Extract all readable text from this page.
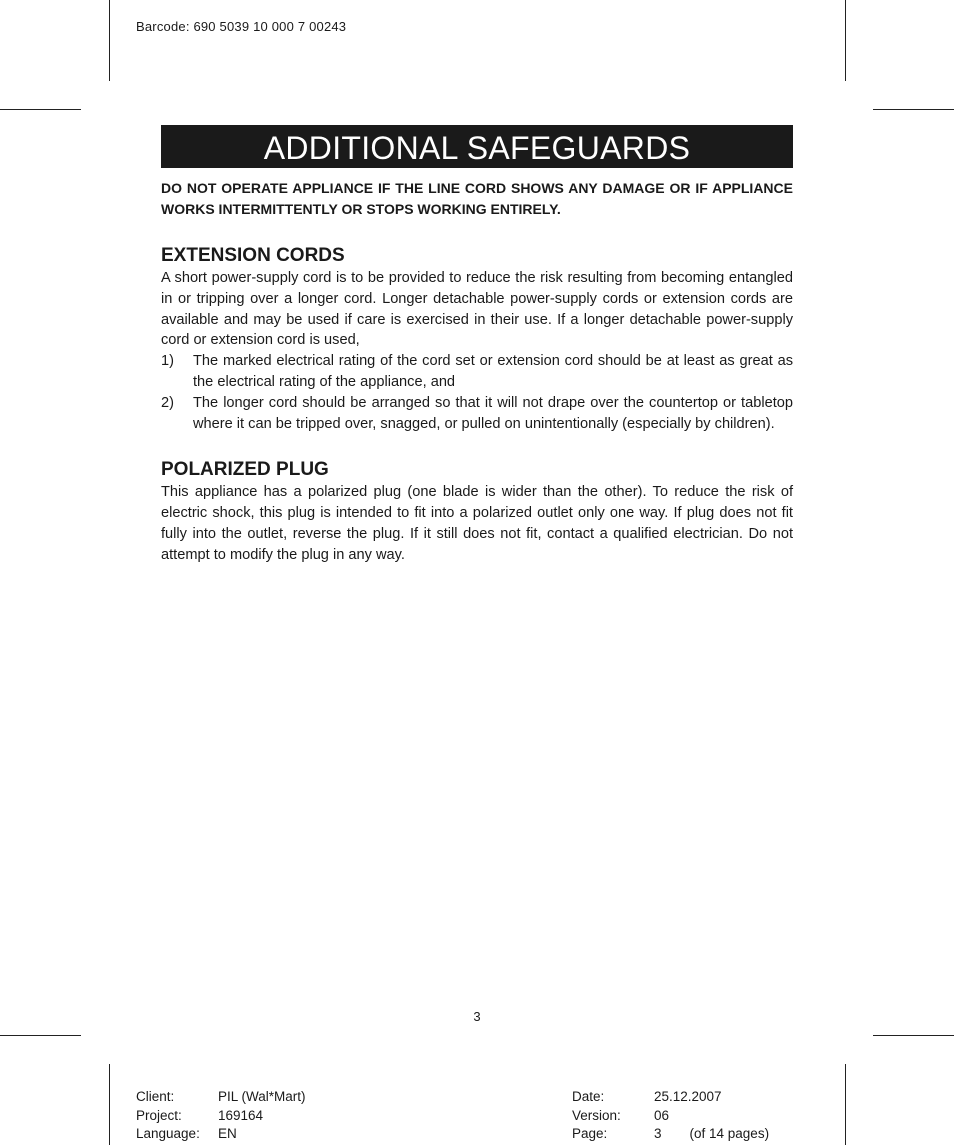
Barcode: 690 5039 10 000 7 00243
ADDITIONAL SAFEGUARDS

DO NOT OPERATE APPLIANCE IF THE LINE CORD SHOWS ANY DAMAGE OR IF APPLIANCE WORKS INTERMITTENTLY OR STOPS WORKING ENTIRELY.

EXTENSION CORDS

A short power-supply cord is to be provided to reduce the risk resulting from becoming entangled in or tripping over a longer cord. Longer detachable power-supply cords or extension cords are available and may be used if care is exercised in their use. If a longer detachable power-supply cord or extension cord is used,

1) The marked electrical rating of the cord set or extension cord should be at least as great as the electrical rating of the appliance, and
2) The longer cord should be arranged so that it will not drape over the countertop or tabletop where it can be tripped over, snagged, or pulled on unintentionally (especially by children).
POLARIZED PLUG

This appliance has a polarized plug (one blade is wider than the other). To reduce the risk of electric shock, this plug is intended to fit into a polarized outlet only one way. If plug does not fit fully into the outlet, reverse the plug. If it still does not fit, contact a qualified electrician. Do not attempt to modify the plug in any way.

3
Client:	PIL (Wal*Mart)
Project:	169164
Language:	EN
Date:	25.12.2007
Version:	06
Page:	3 (of 14 pages)
